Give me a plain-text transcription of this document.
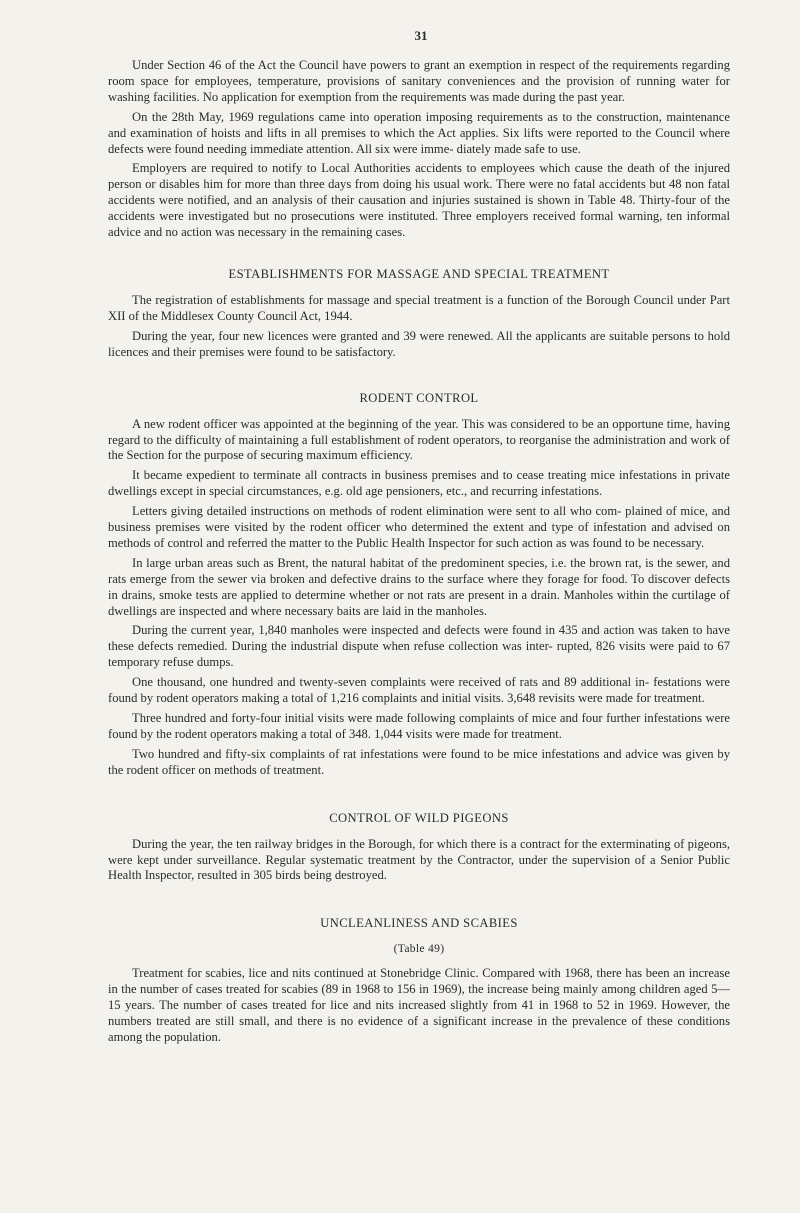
31

Under Section 46 of the Act the Council have powers to grant an exemption in respect of the requirements regarding room space for employees, temperature, provisions of sanitary conveniences and the provision of running water for washing facilities. No application for exemption from the requirements was made during the past year.

On the 28th May, 1969 regulations came into operation imposing requirements as to the construction, maintenance and examination of hoists and lifts in all premises to which the Act applies. Six lifts were reported to the Council where defects were found needing immediate attention. All six were imme- diately made safe to use.

Employers are required to notify to Local Authorities accidents to employees which cause the death of the injured person or disables him for more than three days from doing his usual work. There were no fatal accidents but 48 non fatal accidents were notified, and an analysis of their causation and injuries sustained is shown in Table 48. Thirty-four of the accidents were investigated but no prosecutions were instituted. Three employers received formal warning, ten informal advice and no action was necessary in the remaining cases.

ESTABLISHMENTS FOR MASSAGE AND SPECIAL TREATMENT

The registration of establishments for massage and special treatment is a function of the Borough Council under Part XII of the Middlesex County Council Act, 1944.

During the year, four new licences were granted and 39 were renewed. All the applicants are suitable persons to hold licences and their premises were found to be satisfactory.

RODENT CONTROL

A new rodent officer was appointed at the beginning of the year. This was considered to be an opportune time, having regard to the difficulty of maintaining a full establishment of rodent operators, to reorganise the administration and work of the Section for the purpose of securing maximum efficiency.

It became expedient to terminate all contracts in business premises and to cease treating mice infestations in private dwellings except in special circumstances, e.g. old age pensioners, etc., and recurring infestations.

Letters giving detailed instructions on methods of rodent elimination were sent to all who com- plained of mice, and business premises were visited by the rodent officer who determined the extent and type of infestation and advised on methods of control and referred the matter to the Public Health Inspector for such action as was found to be necessary.

In large urban areas such as Brent, the natural habitat of the predominent species, i.e. the brown rat, is the sewer, and rats emerge from the sewer via broken and defective drains to the surface where they forage for food. To discover defects in drains, smoke tests are applied to determine whether or not rats are present in a drain. Manholes within the curtilage of dwellings are inspected and where necessary baits are laid in the manholes.

During the current year, 1,840 manholes were inspected and defects were found in 435 and action was taken to have these defects remedied. During the industrial dispute when refuse collection was inter- rupted, 826 visits were paid to 67 temporary refuse dumps.

One thousand, one hundred and twenty-seven complaints were received of rats and 89 additional in- festations were found by rodent operators making a total of 1,216 complaints and initial visits. 3,648 revisits were made for treatment.

Three hundred and forty-four initial visits were made following complaints of mice and four further infestations were found by the rodent operators making a total of 348. 1,044 visits were made for treatment.

Two hundred and fifty-six complaints of rat infestations were found to be mice infestations and advice was given by the rodent officer on methods of treatment.

CONTROL OF WILD PIGEONS

During the year, the ten railway bridges in the Borough, for which there is a contract for the exterminating of pigeons, were kept under surveillance. Regular systematic treatment by the Contractor, under the supervision of a Senior Public Health Inspector, resulted in 305 birds being destroyed.

UNCLEANLINESS AND SCABIES
(Table 49)

Treatment for scabies, lice and nits continued at Stonebridge Clinic. Compared with 1968, there has been an increase in the number of cases treated for scabies (89 in 1968 to 156 in 1969), the increase being mainly among children aged 5—15 years. The number of cases treated for lice and nits increased slightly from 41 in 1968 to 52 in 1969. However, the numbers treated are still small, and there is no evidence of a significant increase in the prevalence of these conditions among the population.
